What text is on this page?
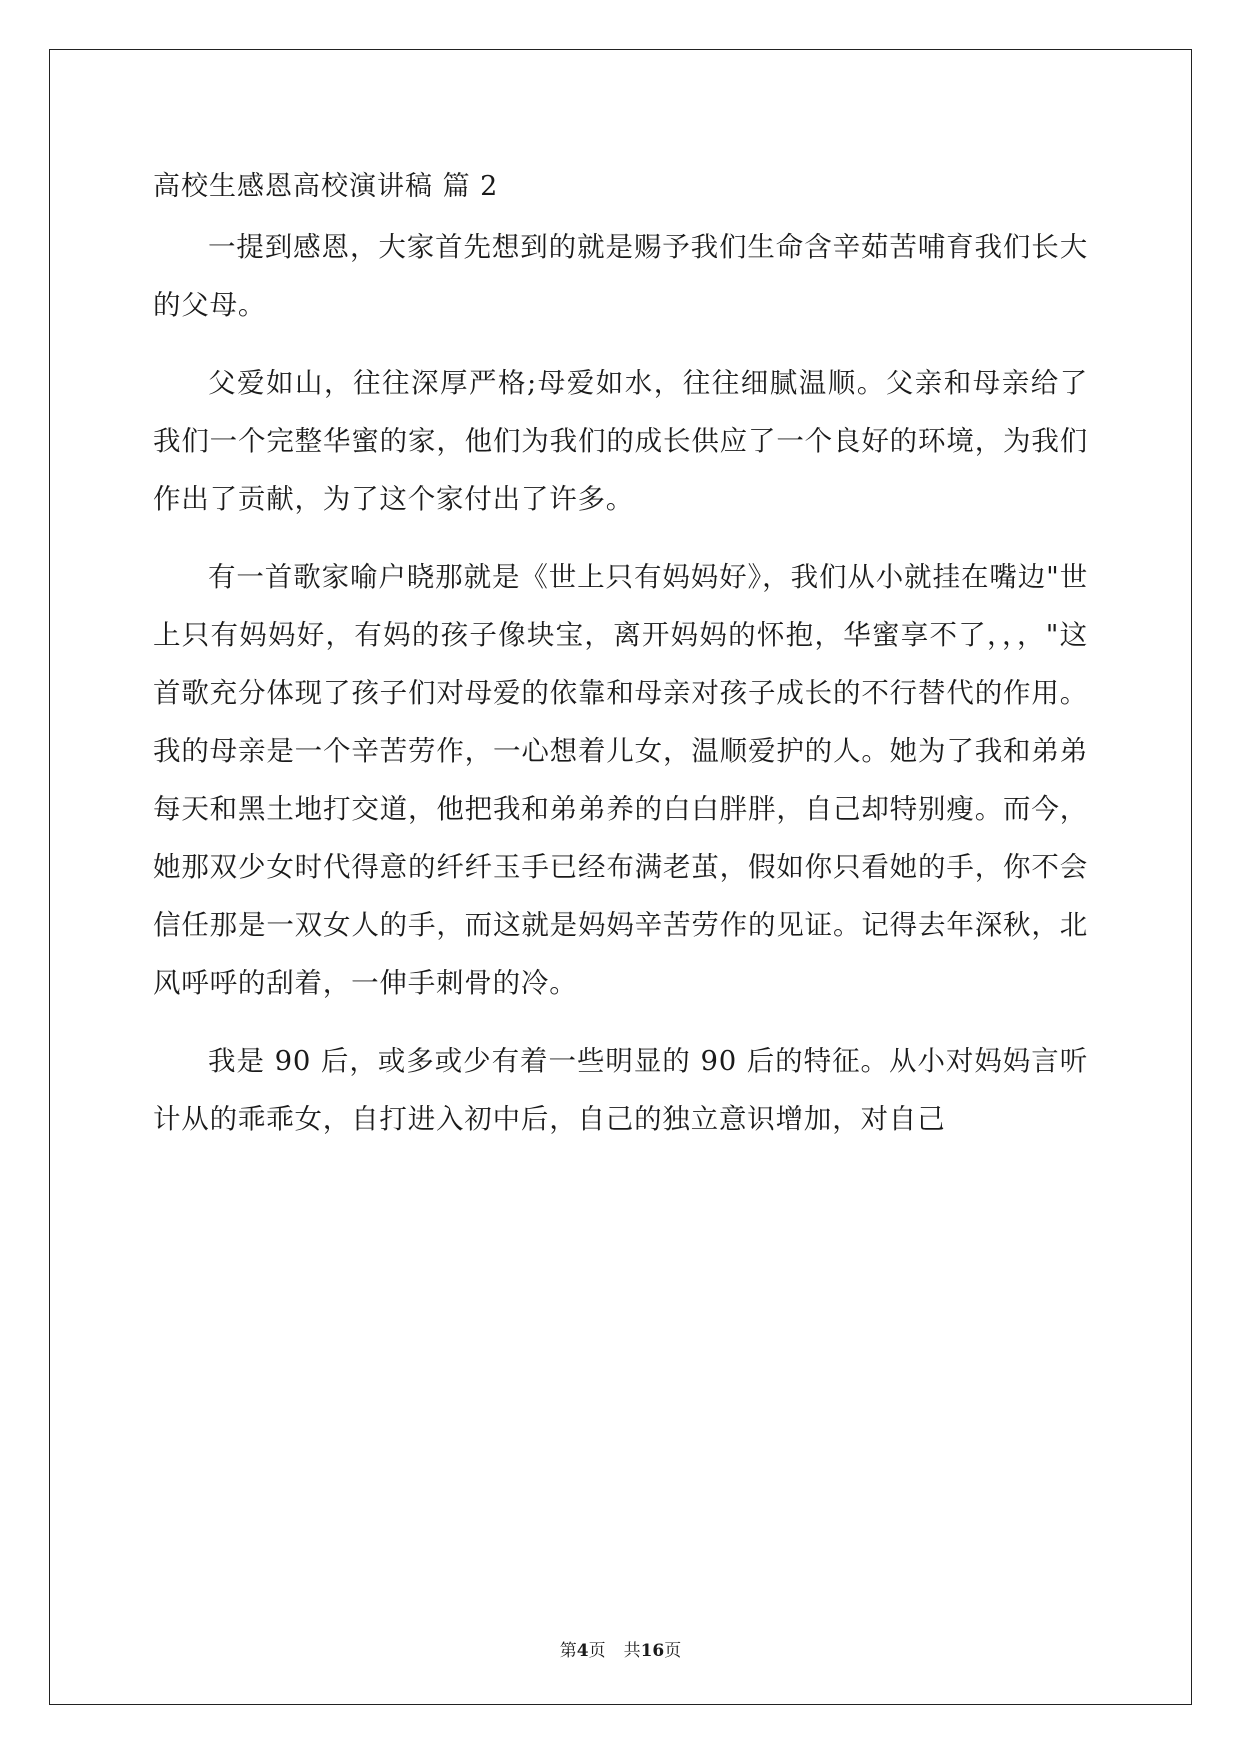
高校生感恩高校演讲稿 篇 2

一提到感恩，大家首先想到的就是赐予我们生命含辛茹苦哺育我们长大的父母。

父爱如山，往往深厚严格;母爱如水，往往细腻温顺。父亲和母亲给了我们一个完整华蜜的家，他们为我们的成长供应了一个良好的环境，为我们作出了贡献，为了这个家付出了许多。

有一首歌家喻户晓那就是《世上只有妈妈好》，我们从小就挂在嘴边"世上只有妈妈好，有妈的孩子像块宝，离开妈妈的怀抱，华蜜享不了，，，"这首歌充分体现了孩子们对母爱的依靠和母亲对孩子成长的不行替代的作用。我的母亲是一个辛苦劳作，一心想着儿女，温顺爱护的人。她为了我和弟弟每天和黑土地打交道，他把我和弟弟养的白白胖胖，自己却特别瘦。而今，她那双少女时代得意的纤纤玉手已经布满老茧，假如你只看她的手，你不会信任那是一双女人的手，而这就是妈妈辛苦劳作的见证。记得去年深秋，北风呼呼的刮着，一伸手刺骨的冷。

我是 90 后，或多或少有着一些明显的 90 后的特征。从小对妈妈言听计从的乖乖女，自打进入初中后，自己的独立意识增加，对自己

第4页 共16页
